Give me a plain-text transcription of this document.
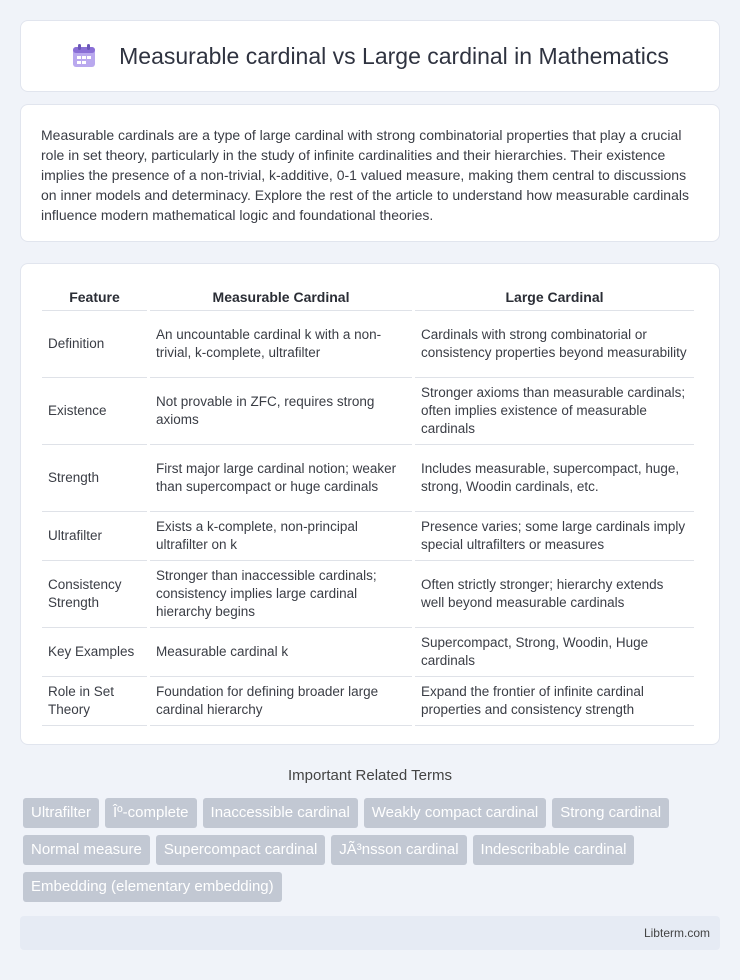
Measurable cardinal vs Large cardinal in Mathematics

Measurable cardinals are a type of large cardinal with strong combinatorial properties that play a crucial role in set theory, particularly in the study of infinite cardinalities and their hierarchies. Their existence implies the presence of a non-trivial, k-additive, 0-1 valued measure, making them central to discussions on inner models and determinacy. Explore the rest of the article to understand how measurable cardinals influence modern mathematical logic and foundational theories.

Feature	Measurable Cardinal	Large Cardinal
Definition	An uncountable cardinal k with a non-trivial, k-complete, ultrafilter	Cardinals with strong combinatorial or consistency properties beyond measurability
Existence	Not provable in ZFC, requires strong axioms	Stronger axioms than measurable cardinals; often implies existence of measurable cardinals
Strength	First major large cardinal notion; weaker than supercompact or huge cardinals	Includes measurable, supercompact, huge, strong, Woodin cardinals, etc.
Ultrafilter	Exists a k-complete, non-principal ultrafilter on k	Presence varies; some large cardinals imply special ultrafilters or measures
Consistency Strength	Stronger than inaccessible cardinals; consistency implies large cardinal hierarchy begins	Often strictly stronger; hierarchy extends well beyond measurable cardinals
Key Examples	Measurable cardinal k	Supercompact, Strong, Woodin, Huge cardinals
Role in Set Theory	Foundation for defining broader large cardinal hierarchy	Expand the frontier of infinite cardinal properties and consistency strength
Important Related Terms
Ultrafilter	Îº-complete	Inaccessible cardinal	Weakly compact cardinal	Strong cardinal
Normal measure	Supercompact cardinal	JÃ³nsson cardinal	Indescribable cardinal
Embedding (elementary embedding)
Libterm.com
